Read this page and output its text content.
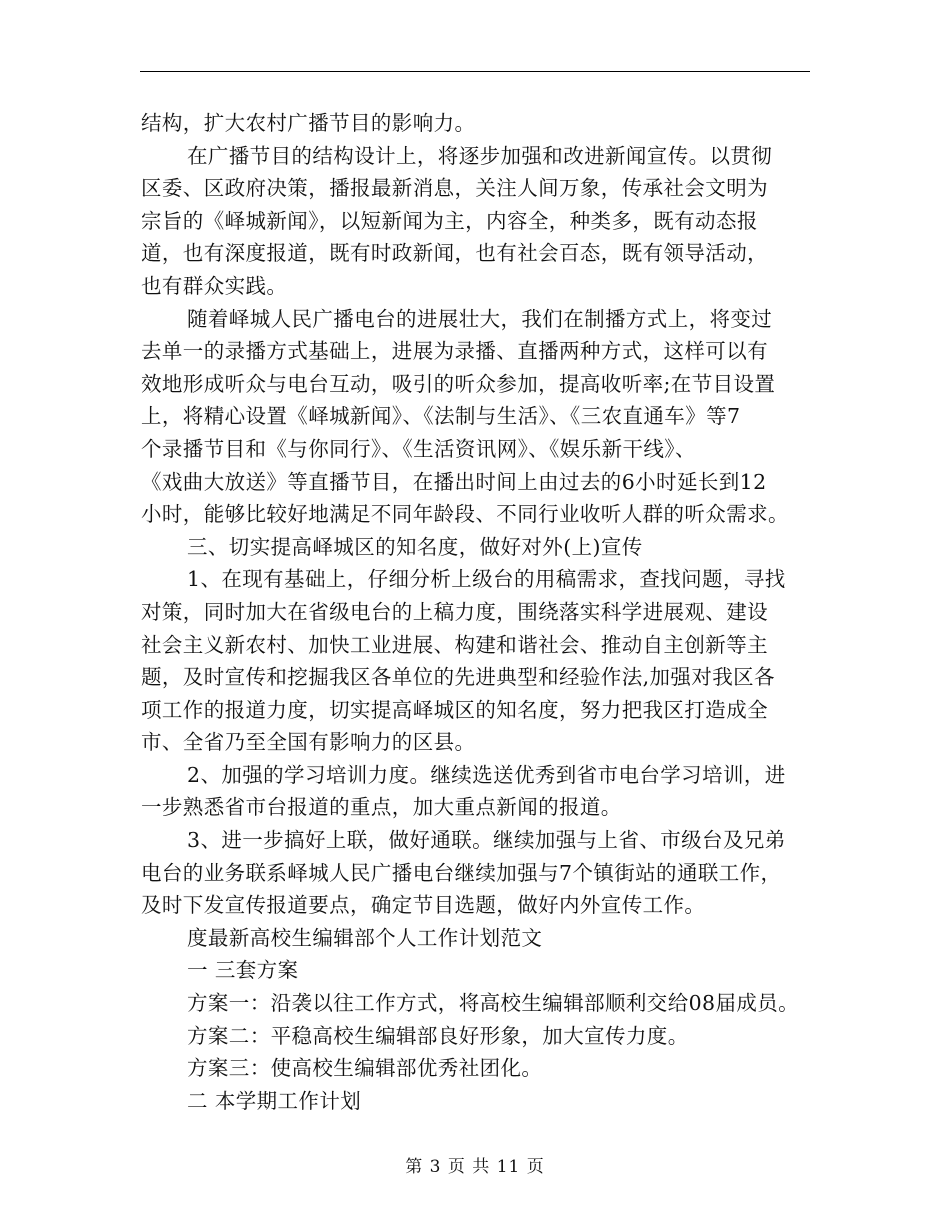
结构，扩大农村广播节目的影响力。
在广播节目的结构设计上，将逐步加强和改进新闻宣传。以贯彻
区委、区政府决策，播报最新消息，关注人间万象，传承社会文明为
宗旨的《峄城新闻》，以短新闻为主，内容全，种类多，既有动态报
道，也有深度报道，既有时政新闻，也有社会百态，既有领导活动，
也有群众实践。
随着峄城人民广播电台的进展壮大，我们在制播方式上，将变过
去单一的录播方式基础上，进展为录播、直播两种方式，这样可以有
效地形成听众与电台互动，吸引的听众参加，提高收听率;在节目设置
上，将精心设置《峄城新闻》、《法制与生活》、《三农直通车》等7
个录播节目和《与你同行》、《生活资讯网》、《娱乐新干线》、
《戏曲大放送》等直播节目，在播出时间上由过去的6小时延长到12
小时，能够比较好地满足不同年龄段、不同行业收听人群的听众需求。
三、切实提高峄城区的知名度，做好对外(上)宣传
1、在现有基础上，仔细分析上级台的用稿需求，查找问题，寻找
对策，同时加大在省级电台的上稿力度，围绕落实科学进展观、建设
社会主义新农村、加快工业进展、构建和谐社会、推动自主创新等主
题，及时宣传和挖掘我区各单位的先进典型和经验作法,加强对我区各
项工作的报道力度，切实提高峄城区的知名度，努力把我区打造成全
市、全省乃至全国有影响力的区县。
2、加强的学习培训力度。继续选送优秀到省市电台学习培训，进
一步熟悉省市台报道的重点，加大重点新闻的报道。
3、进一步搞好上联，做好通联。继续加强与上省、市级台及兄弟
电台的业务联系峄城人民广播电台继续加强与7个镇街站的通联工作，
及时下发宣传报道要点，确定节目选题，做好内外宣传工作。
度最新高校生编辑部个人工作计划范文
一 三套方案
方案一：沿袭以往工作方式，将高校生编辑部顺利交给08届成员。
方案二：平稳高校生编辑部良好形象，加大宣传力度。
方案三：使高校生编辑部优秀社团化。
二 本学期工作计划
第 3 页 共 11 页
